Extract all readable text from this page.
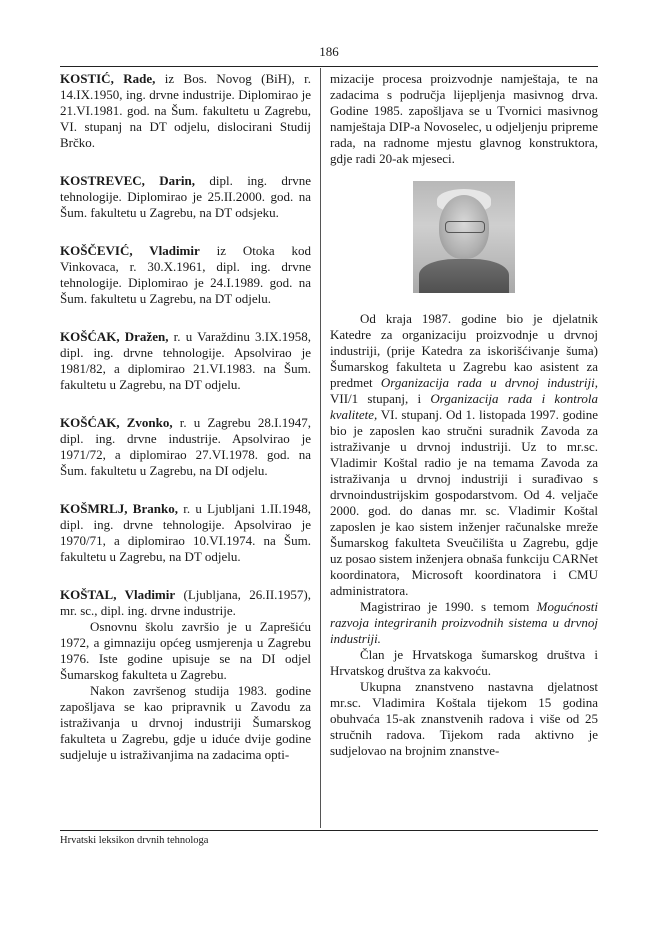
186

KOSTIĆ, Rade, iz Bos. Novog (BiH), r. 14.IX.1950, ing. drvne industrije. Diplomirao je 21.VI.1981. god. na Šum. fakultetu u Zagrebu, VI. stupanj na DT odjelu, dislocirani Studij Brčko.

KOSTREVEC, Darin, dipl. ing. drvne tehnologije. Diplomirao je 25.II.2000. god. na Šum. fakultetu u Zagrebu, na DT odsjeku.

KOŠČEVIĆ, Vladimir iz Otoka kod Vinkovaca, r. 30.X.1961, dipl. ing. drvne tehnologije. Diplomirao je 24.I.1989. god. na Šum. fakultetu u Zagrebu, na DT odjelu.

KOŠĆAK, Dražen, r. u Varaždinu 3.IX.1958, dipl. ing. drvne tehnologije. Apsolvirao je 1981/82, a diplomirao 21.VI.1983. na Šum. fakultetu u Zagrebu, na DT odjelu.

KOŠĆAK, Zvonko, r. u Zagrebu 28.I.1947, dipl. ing. drvne industrije. Apsolvirao je 1971/72, a diplomirao 27.VI.1978. god. na Šum. fakultetu u Zagrebu, na DI odjelu.

KOŠMRLJ, Branko, r. u Ljubljani 1.II.1948, dipl. ing. drvne tehnologije. Apsolvirao je 1970/71, a diplomirao 10.VI.1974. na Šum. fakultetu u Zagrebu, na DT odjelu.

KOŠTAL, Vladimir (Ljubljana, 26.II.1957), mr. sc., dipl. ing. drvne industrije.

Osnovnu školu završio je u Zaprešiću 1972, a gimnaziju općeg usmjerenja u Zagrebu 1976. Iste godine upisuje se na DI odjel Šumarskog fakulteta u Zagrebu.

Nakon završenog studija 1983. godine zapošljava se kao pripravnik u Zavodu za istraživanja u drvnoj industriji Šumarskog fakulteta u Zagrebu, gdje u iduće dvije godine sudjeluje u istraživanjima na zadacima opti-

mizacije procesa proizvodnje namještaja, te na zadacima s područja lijepljenja masivnog drva. Godine 1985. zapošljava se u Tvornici masivnog namještaja DIP-a Novoselec, u odjeljenju pripreme rada, na radnome mjestu glavnog konstruktora, gdje radi 20-ak mjeseci.

Od kraja 1987. godine bio je djelatnik Katedre za organizaciju proizvodnje u drvnoj industriji, (prije Katedra za iskorišćivanje šuma) Šumarskog fakulteta u Zagrebu kao asistent za predmet Organizacija rada u drvnoj industriji, VII/1 stupanj, i Organizacija rada i kontrola kvalitete, VI. stupanj. Od 1. listopada 1997. godine bio je zaposlen kao stručni suradnik Zavoda za istraživanje u drvnoj industriji. Uz to mr.sc. Vladimir Koštal radio je na temama Zavoda za istraživanja u drvnoj industriji i surađivao s drvnoindustrijskim gospodarstvom. Od 4. veljače 2000. god. do danas mr. sc. Vladimir Koštal zaposlen je kao sistem inženjer računalske mreže Šumarskog fakulteta Sveučilišta u Zagrebu, gdje uz posao sistem inženjera obnaša funkciju CARNet koordinatora, Microsoft koordinatora i CMU administratora.

Magistrirao je 1990. s temom Mogućnosti razvoja integriranih proizvodnih sistema u drvnoj industriji.

Član je Hrvatskoga šumarskog društva i Hrvatskog društva za kakvoću.

Ukupna znanstveno nastavna djelatnost mr.sc. Vladimira Koštala tijekom 15 godina obuhvaća 15-ak znanstvenih radova i više od 25 stručnih radova. Tijekom rada aktivno je sudjelovao na brojnim znanstve-

Hrvatski leksikon drvnih tehnologa
